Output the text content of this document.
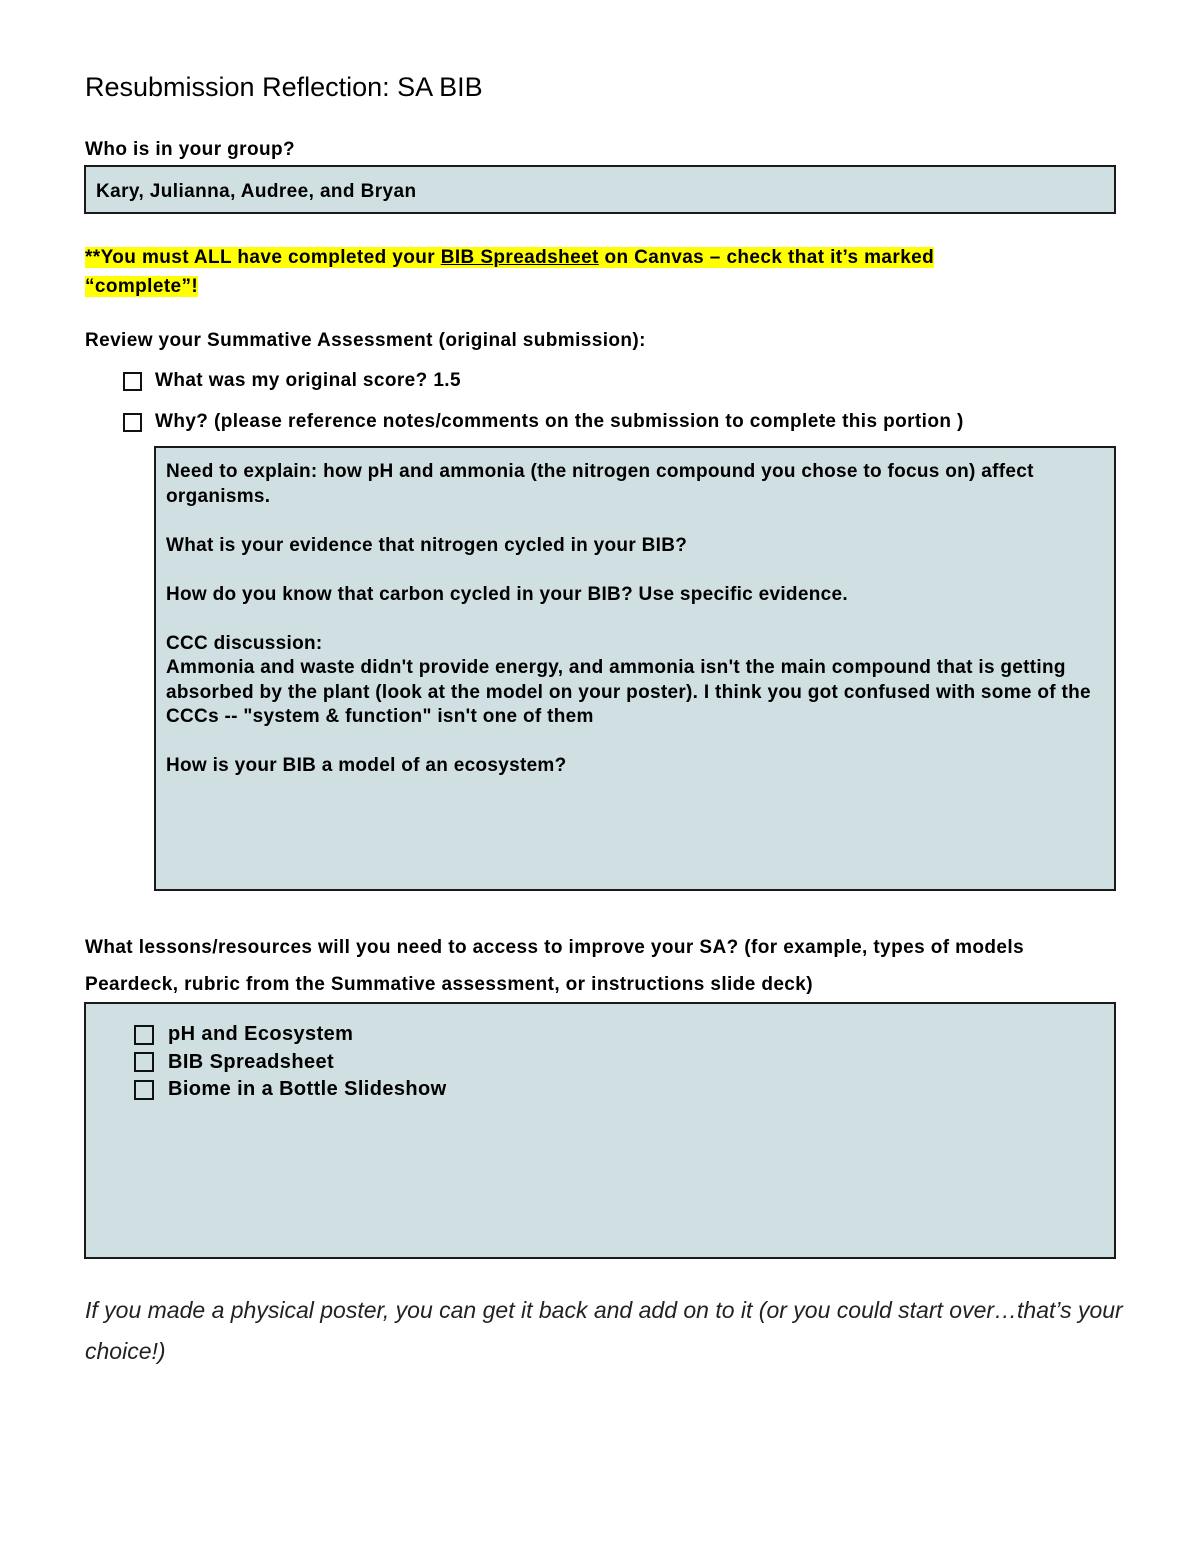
Resubmission Reflection: SA BIB
Who is in your group?
Kary, Julianna, Audree, and Bryan
**You must ALL have completed your BIB Spreadsheet on Canvas – check that it’s marked
“complete”!
Review your Summative Assessment (original submission):
What was my original score? 1.5
Why? (please reference notes/comments on the submission to complete this portion )

Need to explain: how pH and ammonia (the nitrogen compound you chose to focus on) affect organisms.

What is your evidence that nitrogen cycled in your BIB?

How do you know that carbon cycled in your BIB? Use specific evidence.

CCC discussion:

Ammonia and waste didn't provide energy, and ammonia isn't the main compound that is getting absorbed by the plant (look at the model on your poster). I think you got confused with some of the CCCs -- "system & function" isn't one of them

How is your BIB a model of an ecosystem?

What lessons/resources will you need to access to improve your SA? (for example, types of models
Peardeck, rubric from the Summative assessment, or instructions slide deck)
pH and Ecosystem
BIB Spreadsheet
Biome in a Bottle Slideshow
If you made a physical poster, you can get it back and add on to it (or you could start over…that’s your choice!)
